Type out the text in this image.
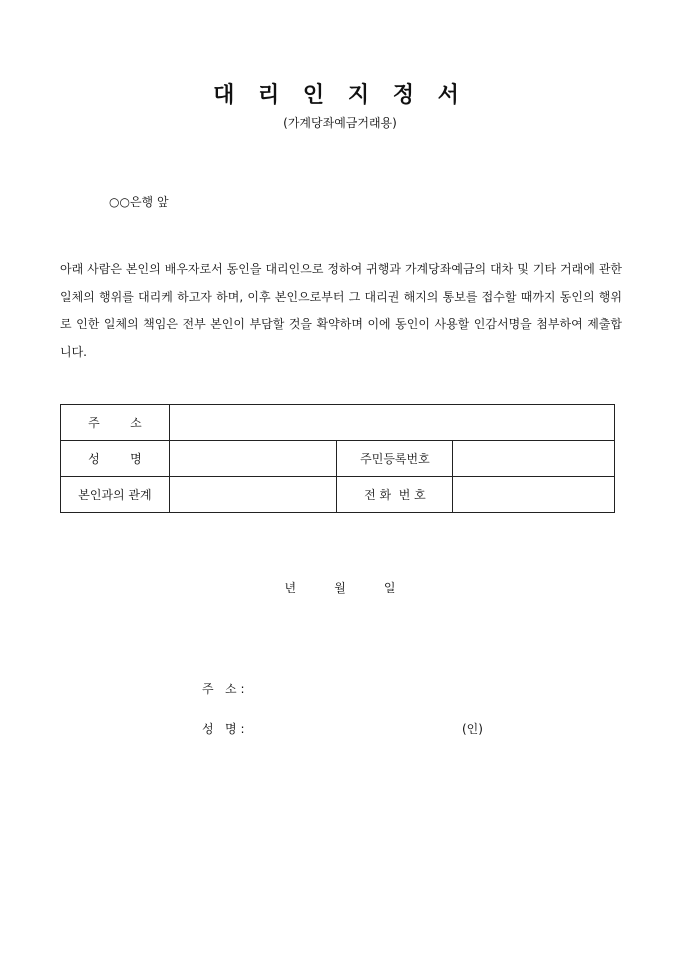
대 리 인 지 정 서
(가계당좌예금거래용)
○○은행 앞
아래 사람은 본인의 배우자로서 동인을 대리인으로 정하여 귀행과 가계당좌예금의 대차 및 기타 거래에 관한 일체의 행위를 대리케 하고자 하며, 이후 본인으로부터 그 대리권 해지의 통보를 접수할 때까지 동인의 행위로 인한 일체의 책임은 전부 본인이 부담할 것을 확약하며 이에 동인이 사용할 인감서명을 첨부하여 제출합니다.
주        소			
성        명		주민등록번호	
본인과의 관계		전 화  번 호	
년          월          일
주   소 :
성   명 :	(인)
